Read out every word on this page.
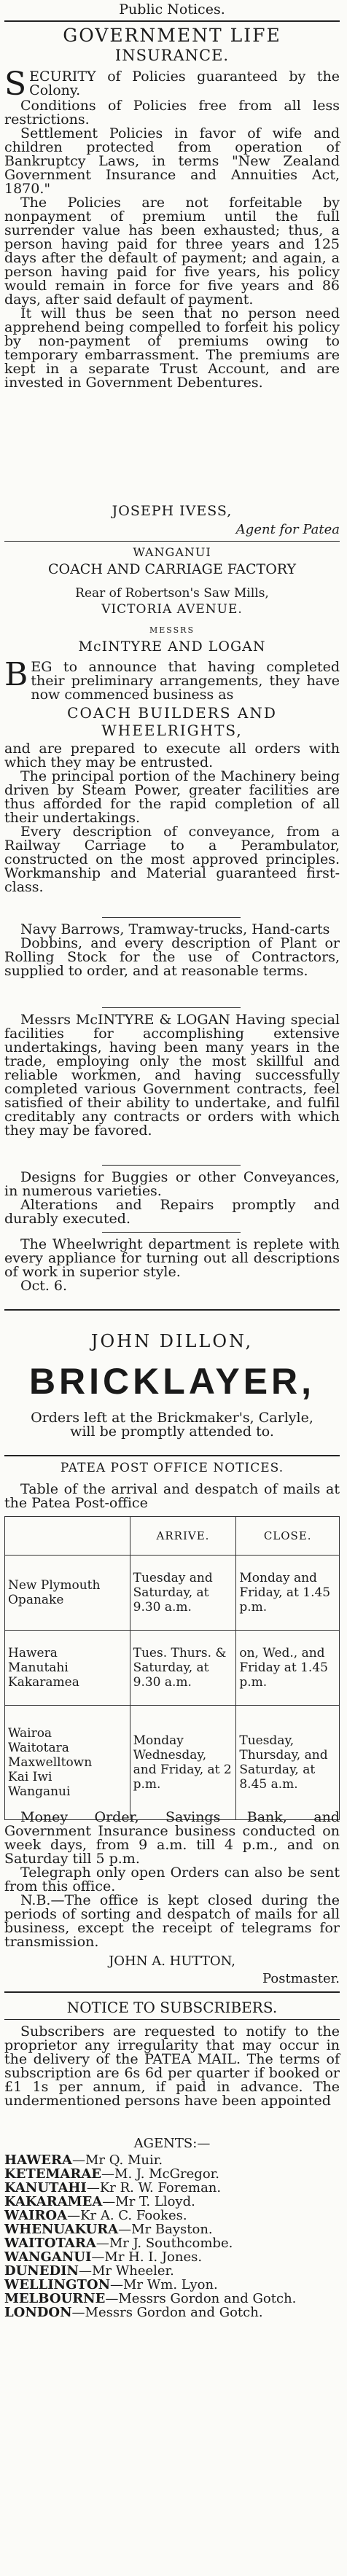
Public Notices.
GOVERNMENT LIFE
INSURANCE.

SECURITY of Policies guaranteed by the Colony.

Conditions of Policies free from all less restrictions.

Settlement Policies in favor of wife and children protected from operation of Bankruptcy Laws, in terms "New Zealand Government Insurance and Annuities Act, 1870."

The Policies are not forfeitable by nonpayment of premium until the full surrender value has been exhausted; thus, a person having paid for three years and 125 days after the default of payment; and again, a person having paid for five years, his policy would remain in force for five years and 86 days, after said default of payment.

It will thus be seen that no person need apprehend being compelled to forfeit his policy by non-payment of premiums owing to temporary embarrassment. The premiums are kept in a separate Trust Account, and are invested in Government Debentures.

JOSEPH IVESS,
Agent for Patea
WANGANUI
COACH AND CARRIAGE FACTORY
Rear of Robertson's Saw Mills,
VICTORIA AVENUE.
MESSRS
McINTYRE AND LOGAN

BEG to announce that having completed their preliminary arrangements, they have now commenced business as

COACH BUILDERS AND
WHEELRIGHTS,

and are prepared to execute all orders with which they may be entrusted.

The principal portion of the Machinery being driven by Steam Power, greater facilities are thus afforded for the rapid completion of all their undertakings.

Every description of conveyance, from a Railway Carriage to a Perambulator, constructed on the most approved principles. Workmanship and Material guaranteed first-class.

Navy Barrows, Tramway-trucks, Hand-carts

Dobbins, and every description of Plant or Rolling Stock for the use of Contractors, supplied to order, and at reasonable terms.

Messrs McINTYRE & LOGAN Having special facilities for accomplishing extensive undertakings, having been many years in the trade, employing only the most skillful and reliable workmen, and having successfully completed various Government contracts, feel satisfied of their ability to undertake, and fulfil creditably any contracts or orders with which they may be favored.

Designs for Buggies or other Conveyances, in numerous varieties.

Alterations and Repairs promptly and durably executed.

The Wheelwright department is replete with every appliance for turning out all descriptions of work in superior style.

Oct. 6.

JOHN DILLON,
BRICKLAYER,
Orders left at the Brickmaker's, Carlyle, will be promptly attended to.
PATEA POST OFFICE NOTICES.

Table of the arrival and despatch of mails at the Patea Post-office

	ARRIVE.	CLOSE.

New Plymouth
Opanake	Tuesday and Saturday, at 9.30 a.m.	Monday and Friday, at 1.45 p.m.

Hawera
Manutahi
Kakaramea	Tues. Thurs. & Saturday, at 9.30 a.m.	on, Wed., and Friday at 1.45 p.m.

Wairoa
Waitotara
Maxwelltown
Kai Iwi
Wanganui	Monday Wednesday, and Friday, at 2 p.m.	Tuesday, Thursday, and Saturday, at 8.45 a.m.

Money Order, Savings Bank, and Government Insurance business conducted on week days, from 9 a.m. till 4 p.m., and on Saturday till 5 p.m.

Telegraph only open Orders can also be sent from this office.

N.B.—The office is kept closed during the periods of sorting and despatch of mails for all business, except the receipt of telegrams for transmission.

JOHN A. HUTTON,
Postmaster.
NOTICE TO SUBSCRIBERS.

Subscribers are requested to notify to the proprietor any irregularity that may occur in the delivery of the PATEA MAIL. The terms of subscription are 6s 6d per quarter if booked or £1 1s per annum, if paid in advance. The undermentioned persons have been appointed

AGENTS:—
HAWERA—Mr Q. Muir.
KETEMARAE—M. J. McGregor.
KANUTAHI—Kr R. W. Foreman.
KAKARAMEA—Mr T. Lloyd.
WAIROA—Kr A. C. Fookes.
WHENUAKURA—Mr Bayston.
WAITOTARA—Mr J. Southcombe.
WANGANUI—Mr H. I. Jones.
DUNEDIN—Mr Wheeler.
WELLINGTON—Mr Wm. Lyon.
MELBOURNE—Messrs Gordon and Gotch.
LONDON—Messrs Gordon and Gotch.
